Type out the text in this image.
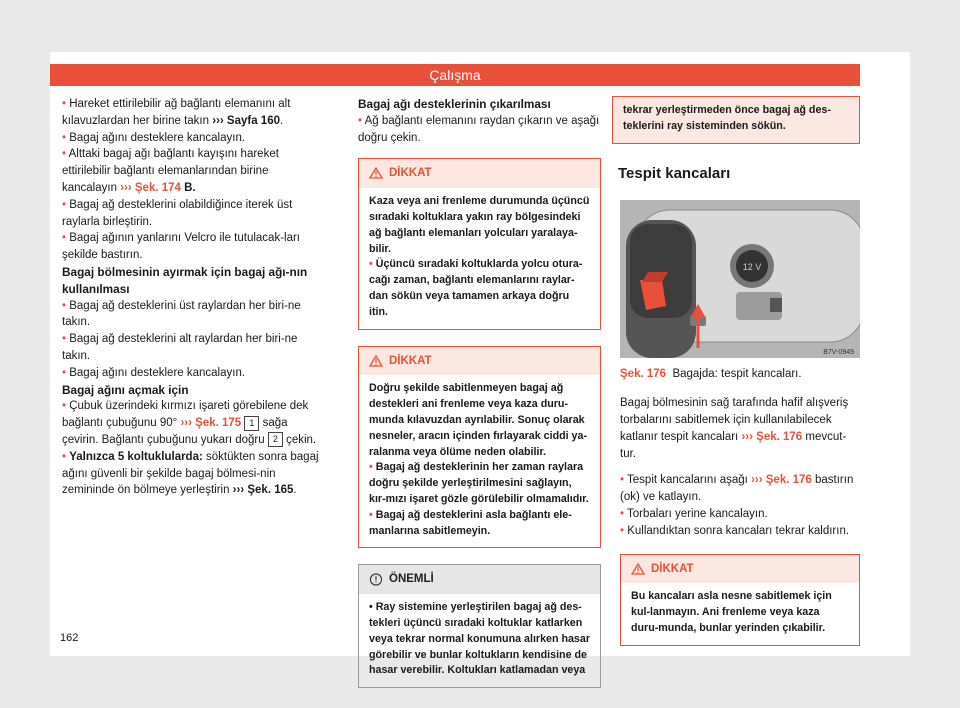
Çalışma

• Hareket ettirilebilir ağ bağlantı elemanını alt kılavuzlardan her birine takın ››› Sayfa 160.

• Bagaj ağını desteklere kancalayın.

• Alttaki bagaj ağı bağlantı kayışını hareket ettirilebilir bağlantı elemanlarından birine kancalayın ››› Şek. 174 B.

• Bagaj ağ desteklerini olabildiğince iterek üst raylarla birleştirin.

• Bagaj ağının yanlarını Velcro ile tutulacak-ları şekilde bastırın.

Bagaj bölmesinin ayırmak için bagaj ağı-nın kullanılması

• Bagaj ağ desteklerini üst raylardan her biri-ne takın.

• Bagaj ağ desteklerini alt raylardan her biri-ne takın.

• Bagaj ağını desteklere kancalayın.

Bagaj ağını açmak için

• Çubuk üzerindeki kırmızı işareti görebilene dek bağlantı çubuğunu 90° ››› Şek. 175 1 sağa çevirin. Bağlantı çubuğunu yukarı doğru 2 çekin.

• Yalnızca 5 koltuklularda: söktükten sonra bagaj ağını güvenli bir şekilde bagaj bölmesi-nin zemininde ön bölmeye yerleştirin ››› Şek. 165.

162

Bagaj ağı desteklerinin çıkarılması

• Ağ bağlantı elemanını raydan çıkarın ve aşağı doğru çekin.

DİKKAT

Kaza veya ani frenleme durumunda üçüncü sıradaki koltuklara yakın ray bölgesindeki ağ bağlantı elemanları yolcuları yaralaya-bilir.

• Üçüncü sıradaki koltuklarda yolcu otura-cağı zaman, bağlantı elemanlarını raylar-dan sökün veya tamamen arkaya doğru itin.

DİKKAT

Doğru şekilde sabitlenmeyen bagaj ağ destekleri ani frenleme veya kaza duru-munda kılavuzdan ayrılabilir. Sonuç olarak nesneler, aracın içinden fırlayarak ciddi ya-ralanma veya ölüme neden olabilir.

• Bagaj ağ desteklerinin her zaman raylara doğru şekilde yerleştirilmesini sağlayın, kır-mızı işaret gözle görülebilir olmamalıdır.

• Bagaj ağ desteklerini asla bağlantı ele-manlarına sabitlemeyin.

ÖNEMLİ

• Ray sistemine yerleştirilen bagaj ağ des-tekleri üçüncü sıradaki koltuklar katlarken veya tekrar normal konumuna alırken hasar görebilir ve bunlar koltukların kendisine de hasar verebilir. Koltukları katlamadan veya

tekrar yerleştirmeden önce bagaj ağ des-teklerini ray sisteminden sökün.

Tespit kancaları

12 V
B7V-0949

Şek. 176 Bagajda: tespit kancaları.

Bagaj bölmesinin sağ tarafında hafif alışveriş torbalarını sabitlemek için kullanılabilecek katlanır tespit kancaları ››› Şek. 176 mevcut-tur.

• Tespit kancalarını aşağı ››› Şek. 176 bastırın (ok) ve katlayın.

• Torbaları yerine kancalayın.

• Kullandıktan sonra kancaları tekrar kaldırın.

DİKKAT
Bu kancaları asla nesne sabitlemek için kul-lanmayın. Ani frenleme veya kaza duru-munda, bunlar yerinden çıkabilir.
